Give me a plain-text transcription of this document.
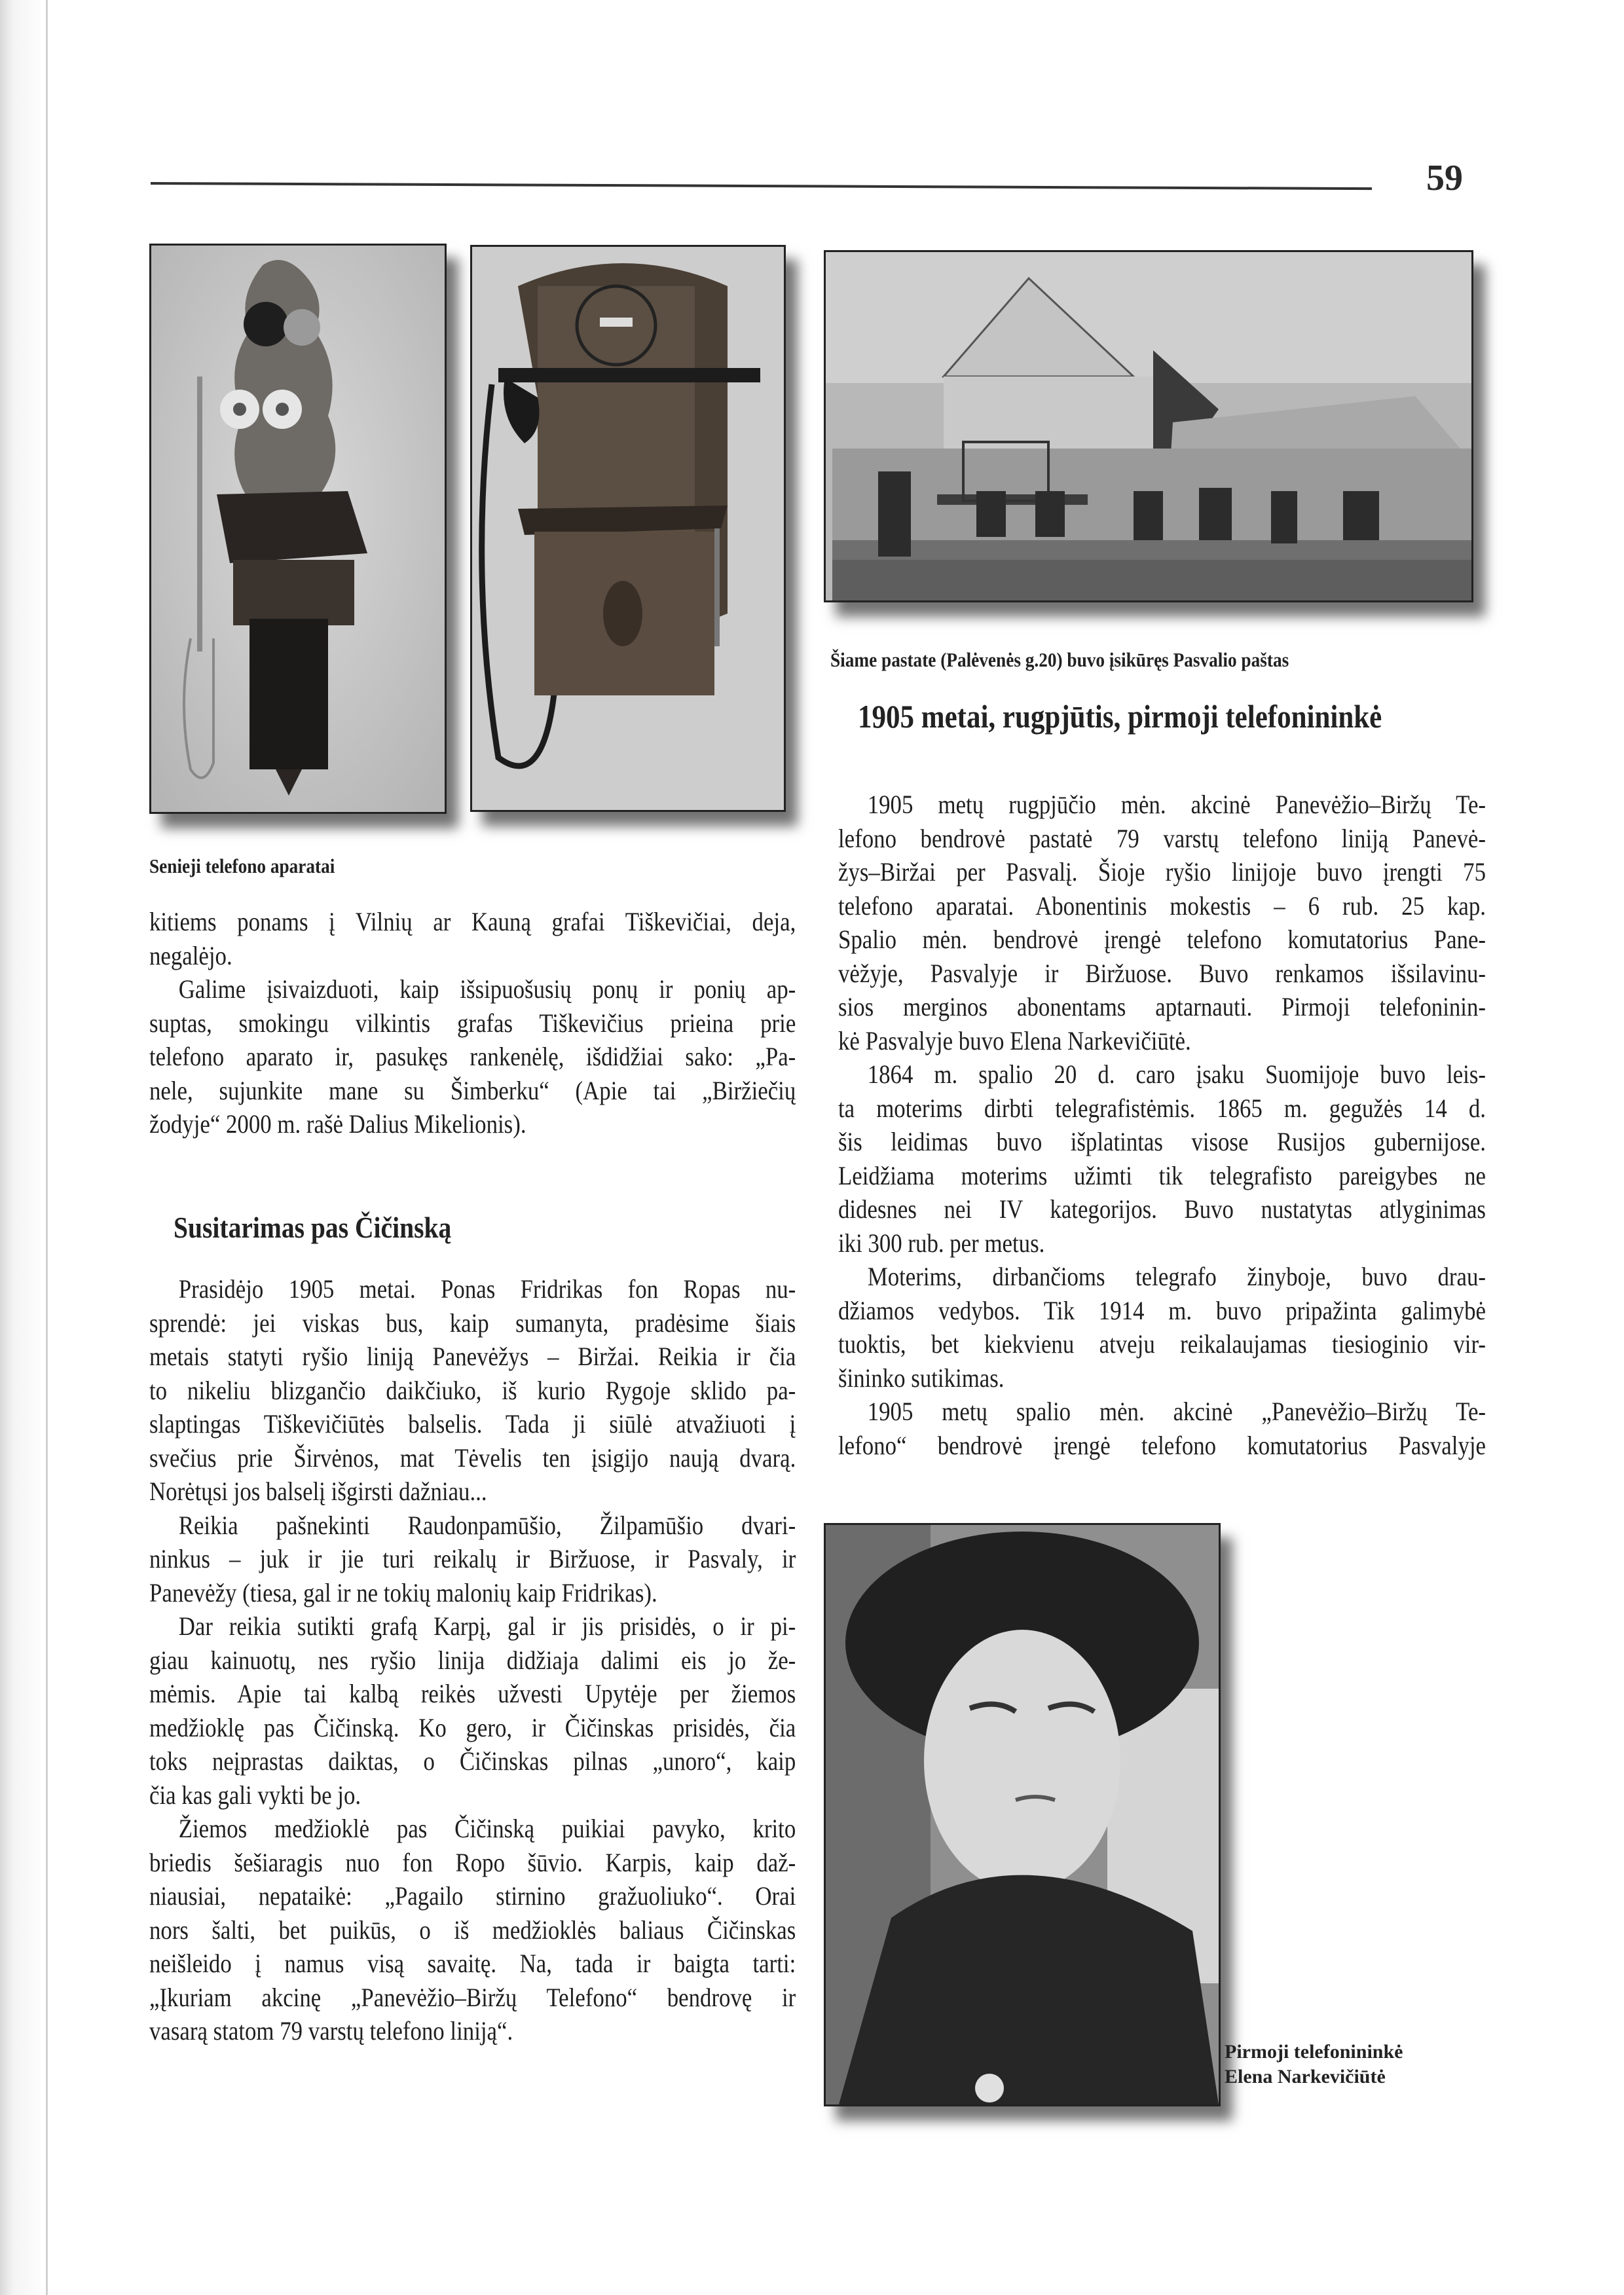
59
Senieji telefono aparatai
Šiame pastate (Palėvenės g.20) buvo įsikūręs Pasvalio paštas
1905 metai, rugpjūtis, pirmoji telefonininkė
kitiems ponams į Vilnių ar Kauną grafai Tiškevičiai, deja,
negalėjo.
Galime įsivaizduoti, kaip išsipuošusių ponų ir ponių ap-
suptas, smokingu vilkintis grafas Tiškevičius prieina prie
telefono aparato ir, pasukęs rankenėlę, išdidžiai sako: „Pa-
nele, sujunkite mane su Šimberku“ (Apie tai „Biržiečių
žodyje“ 2000 m. rašė Dalius Mikelionis).
Susitarimas pas Čičinską
Prasidėjo 1905 metai. Ponas Fridrikas fon Ropas nu-
sprendė: jei viskas bus, kaip sumanyta, pradėsime šiais
metais statyti ryšio liniją Panevėžys – Biržai. Reikia ir čia
to nikeliu blizgančio daikčiuko, iš kurio Rygoje sklido pa-
slaptingas Tiškevičiūtės balselis. Tada ji siūlė atvažiuoti į
svečius prie Širvėnos, mat Tėvelis ten įsigijo naują dvarą.
Norėtųsi jos balselį išgirsti dažniau...
Reikia pašnekinti Raudonpamūšio, Žilpamūšio dvari-
ninkus – juk ir jie turi reikalų ir Biržuose, ir Pasvaly, ir
Panevėžy (tiesa, gal ir ne tokių malonių kaip Fridrikas).
Dar reikia sutikti grafą Karpį, gal ir jis prisidės, o ir pi-
giau kainuotų, nes ryšio linija didžiaja dalimi eis jo že-
mėmis. Apie tai kalbą reikės užvesti Upytėje per žiemos
medžioklę pas Čičinską. Ko gero, ir Čičinskas prisidės, čia
toks neįprastas daiktas, o Čičinskas pilnas „unoro“, kaip
čia kas gali vykti be jo.
Žiemos medžioklė pas Čičinską puikiai pavyko, krito
briedis šešiaragis nuo fon Ropo šūvio. Karpis, kaip daž-
niausiai, nepataikė: „Pagailo stirnino gražuoliuko“. Orai
nors šalti, bet puikūs, o iš medžioklės baliaus Čičinskas
neišleido į namus visą savaitę. Na, tada ir baigta tarti:
„Įkuriam akcinę „Panevėžio–Biržų Telefono“ bendrovę ir
vasarą statom 79 varstų telefono liniją“.
1905 metų rugpjūčio mėn. akcinė Panevėžio–Biržų Te-
lefono bendrovė pastatė 79 varstų telefono liniją Panevė-
žys–Biržai per Pasvalį. Šioje ryšio linijoje buvo įrengti 75
telefono aparatai. Abonentinis mokestis – 6 rub. 25 kap.
Spalio mėn. bendrovė įrengė telefono komutatorius Pane-
vėžyje, Pasvalyje ir Biržuose. Buvo renkamos išsilavinu-
sios merginos abonentams aptarnauti. Pirmoji telefoninin-
kė Pasvalyje buvo Elena Narkevičiūtė.
1864 m. spalio 20 d. caro įsaku Suomijoje buvo leis-
ta moterims dirbti telegrafistėmis. 1865 m. gegužės 14 d.
šis leidimas buvo išplatintas visose Rusijos gubernijose.
Leidžiama moterims užimti tik telegrafisto pareigybes ne
didesnes nei IV kategorijos. Buvo nustatytas atlyginimas
iki 300 rub. per metus.
Moterims, dirbančioms telegrafo žinyboje, buvo drau-
džiamos vedybos. Tik 1914 m. buvo pripažinta galimybė
tuoktis, bet kiekvienu atveju reikalaujamas tiesioginio vir-
šininko sutikimas.
1905 metų spalio mėn. akcinė „Panevėžio–Biržų Te-
lefono“ bendrovė įrengė telefono komutatorius Pasvalyje
Pirmoji telefonininkė
Elena Narkevičiūtė
